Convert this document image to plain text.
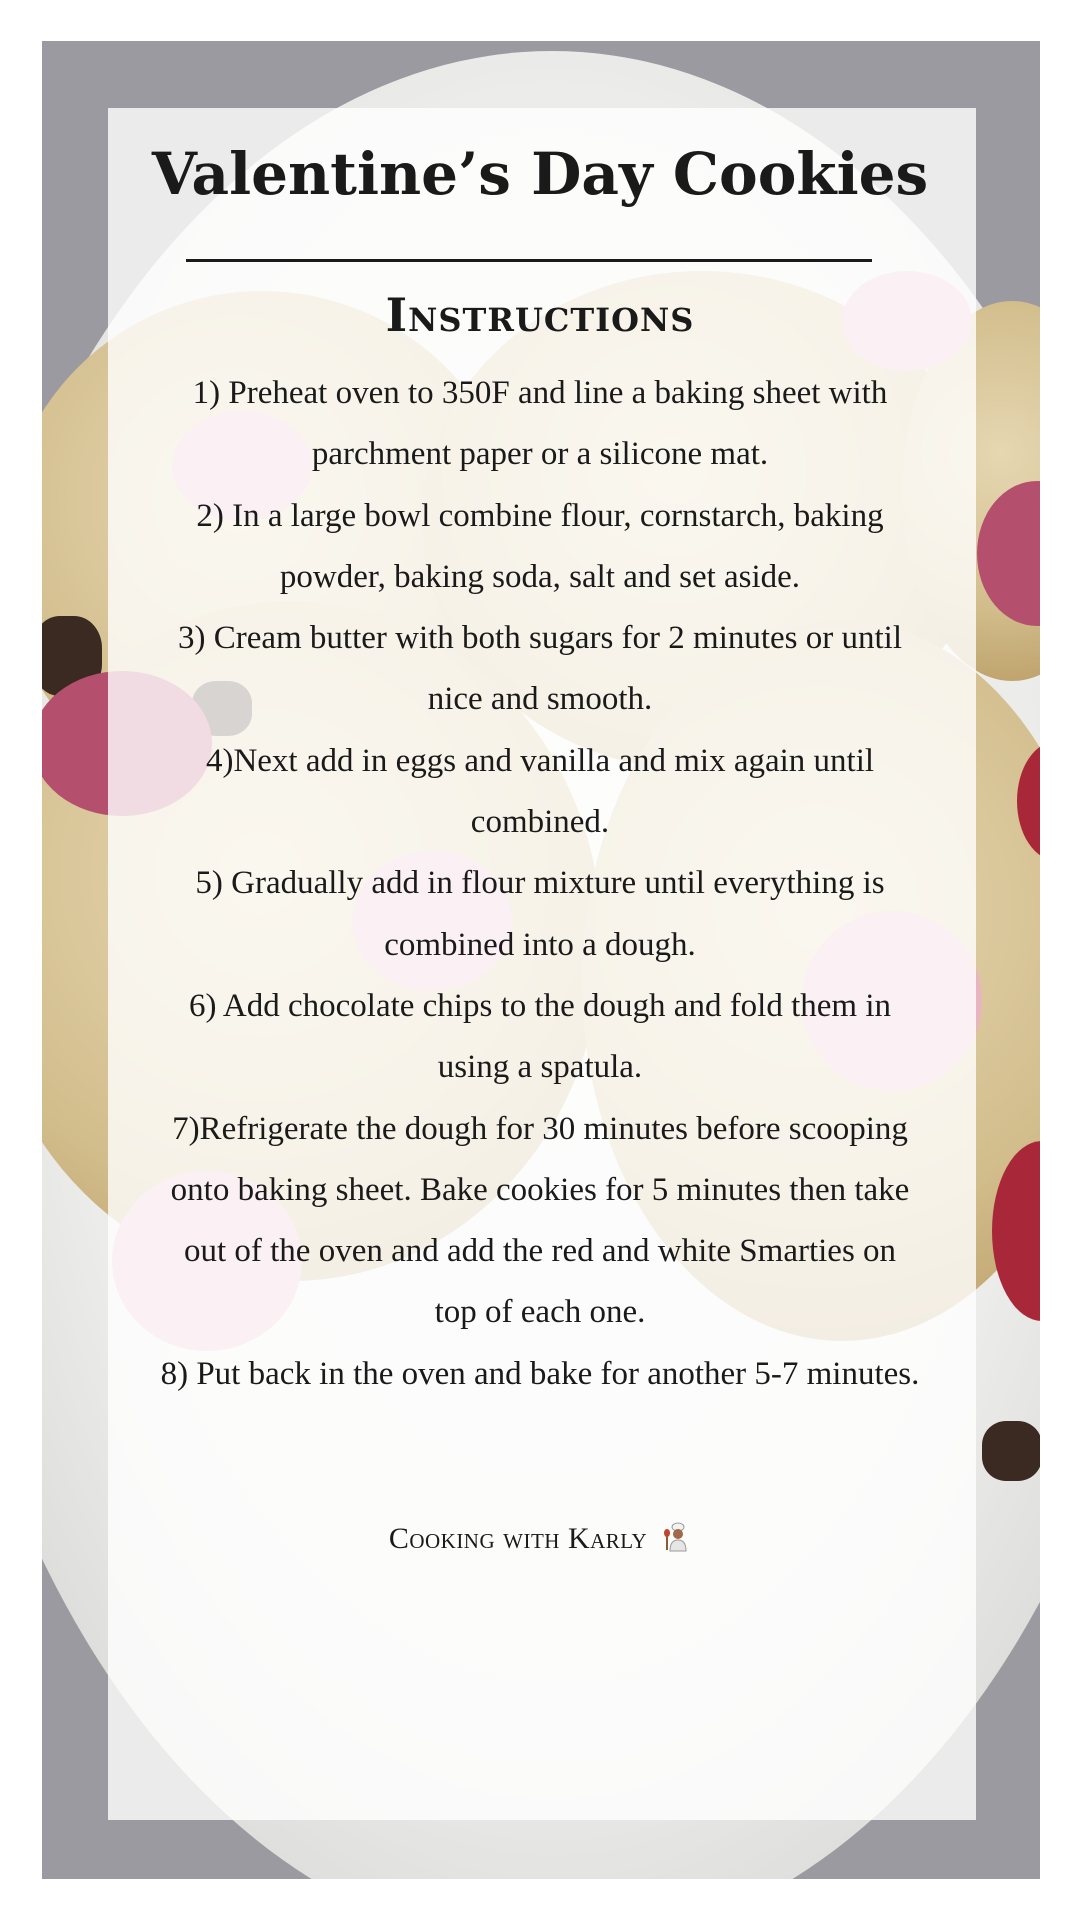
Valentine’s Day Cookies
Instructions
1) Preheat oven to 350F and line a baking sheet with parchment paper or a silicone mat.
2) In a large bowl combine flour, cornstarch, baking powder, baking soda, salt and set aside.
3) Cream butter with both sugars for 2 minutes or until nice and smooth.
4)Next add in eggs and vanilla and mix again until combined.
5) Gradually add in flour mixture until everything is combined into a dough.
6) Add chocolate chips to the dough and fold them in using a spatula.
7)Refrigerate the dough for 30 minutes before scooping onto baking sheet. Bake cookies for 5 minutes then take out of the oven and add the red and white Smarties on top of each one.
8) Put back in the oven and bake for another 5-7 minutes.
Cooking with Karly
